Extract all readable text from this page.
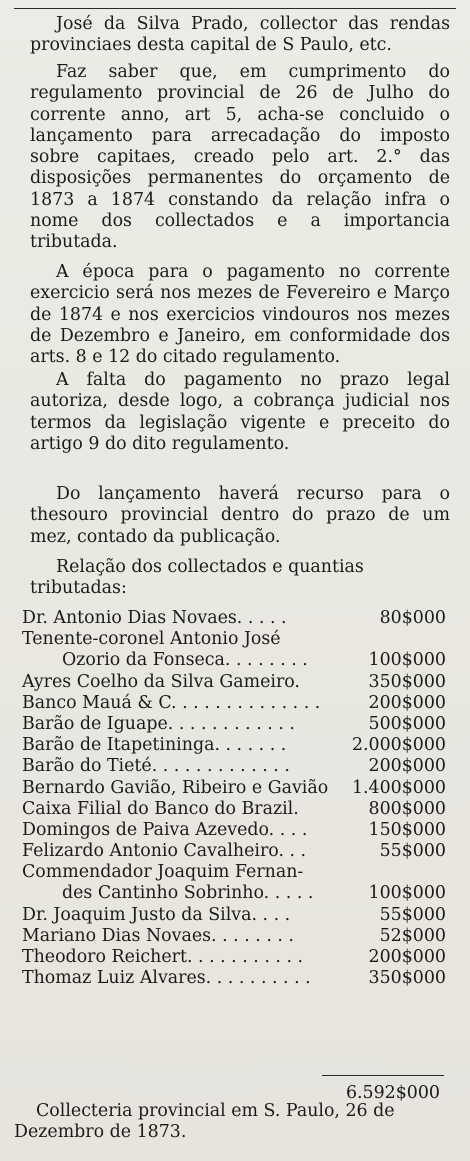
José da Silva Prado, collector das rendas provinciaes desta capital de S Paulo, etc.
Faz saber que, em cumprimento do regulamento provincial de 26 de Julho do corrente anno, art 5, acha-se concluido o lançamento para arrecadação do imposto sobre capitaes, creado pelo art. 2.° das disposições permanentes do orçamento de 1873 a 1874 constando da relação infra o nome dos collectados e a importancia tributada.
A época para o pagamento no corrente exercicio será nos mezes de Fevereiro e Março de 1874 e nos exercicios vindouros nos mezes de Dezembro e Janeiro, em conformidade dos arts. 8 e 12 do citado regulamento.
A falta do pagamento no prazo legal autoriza, desde logo, a cobrança judicial nos termos da legislação vigente e preceito do artigo 9 do dito regulamento.
Do lançamento haverá recurso para o thesouro provincial dentro do prazo de um mez, contado da publicação.
Relação dos collectados e quantias tributadas:
Dr. Antonio Dias Novaes. . . . .	80$000
Tenente-coronel Antonio José
Ozorio da Fonseca. . . . . . . .	100$000
Ayres Coelho da Silva Gameiro.	350$000
Banco Mauá & C. . . . . . . . . . . . . .	200$000
Barão de Iguape. . . . . . . . . . . .	500$000
Barão de Itapetininga. . . . . . .	2.000$000
Barão do Tieté. . . . . . . . . . . . .	200$000
Bernardo Gavião, Ribeiro e Gavião 1.400$000
Caixa Filial do Banco do Brazil.	800$000
Domingos de Paiva Azevedo. . . .	150$000
Felizardo Antonio Cavalheiro. . .	55$000
Commendador Joaquim Fernan-
des Cantinho Sobrinho. . . . .	100$000
Dr. Joaquim Justo da Silva. . . .	55$000
Mariano Dias Novaes. . . . . . . .	52$000
Theodoro Reichert. . . . . . . . . . .	200$000
Thomaz Luiz Alvares. . . . . . . . . .	350$000
6.592$000
Collecteria provincial em S. Paulo, 26 de Dezembro de 1873.
